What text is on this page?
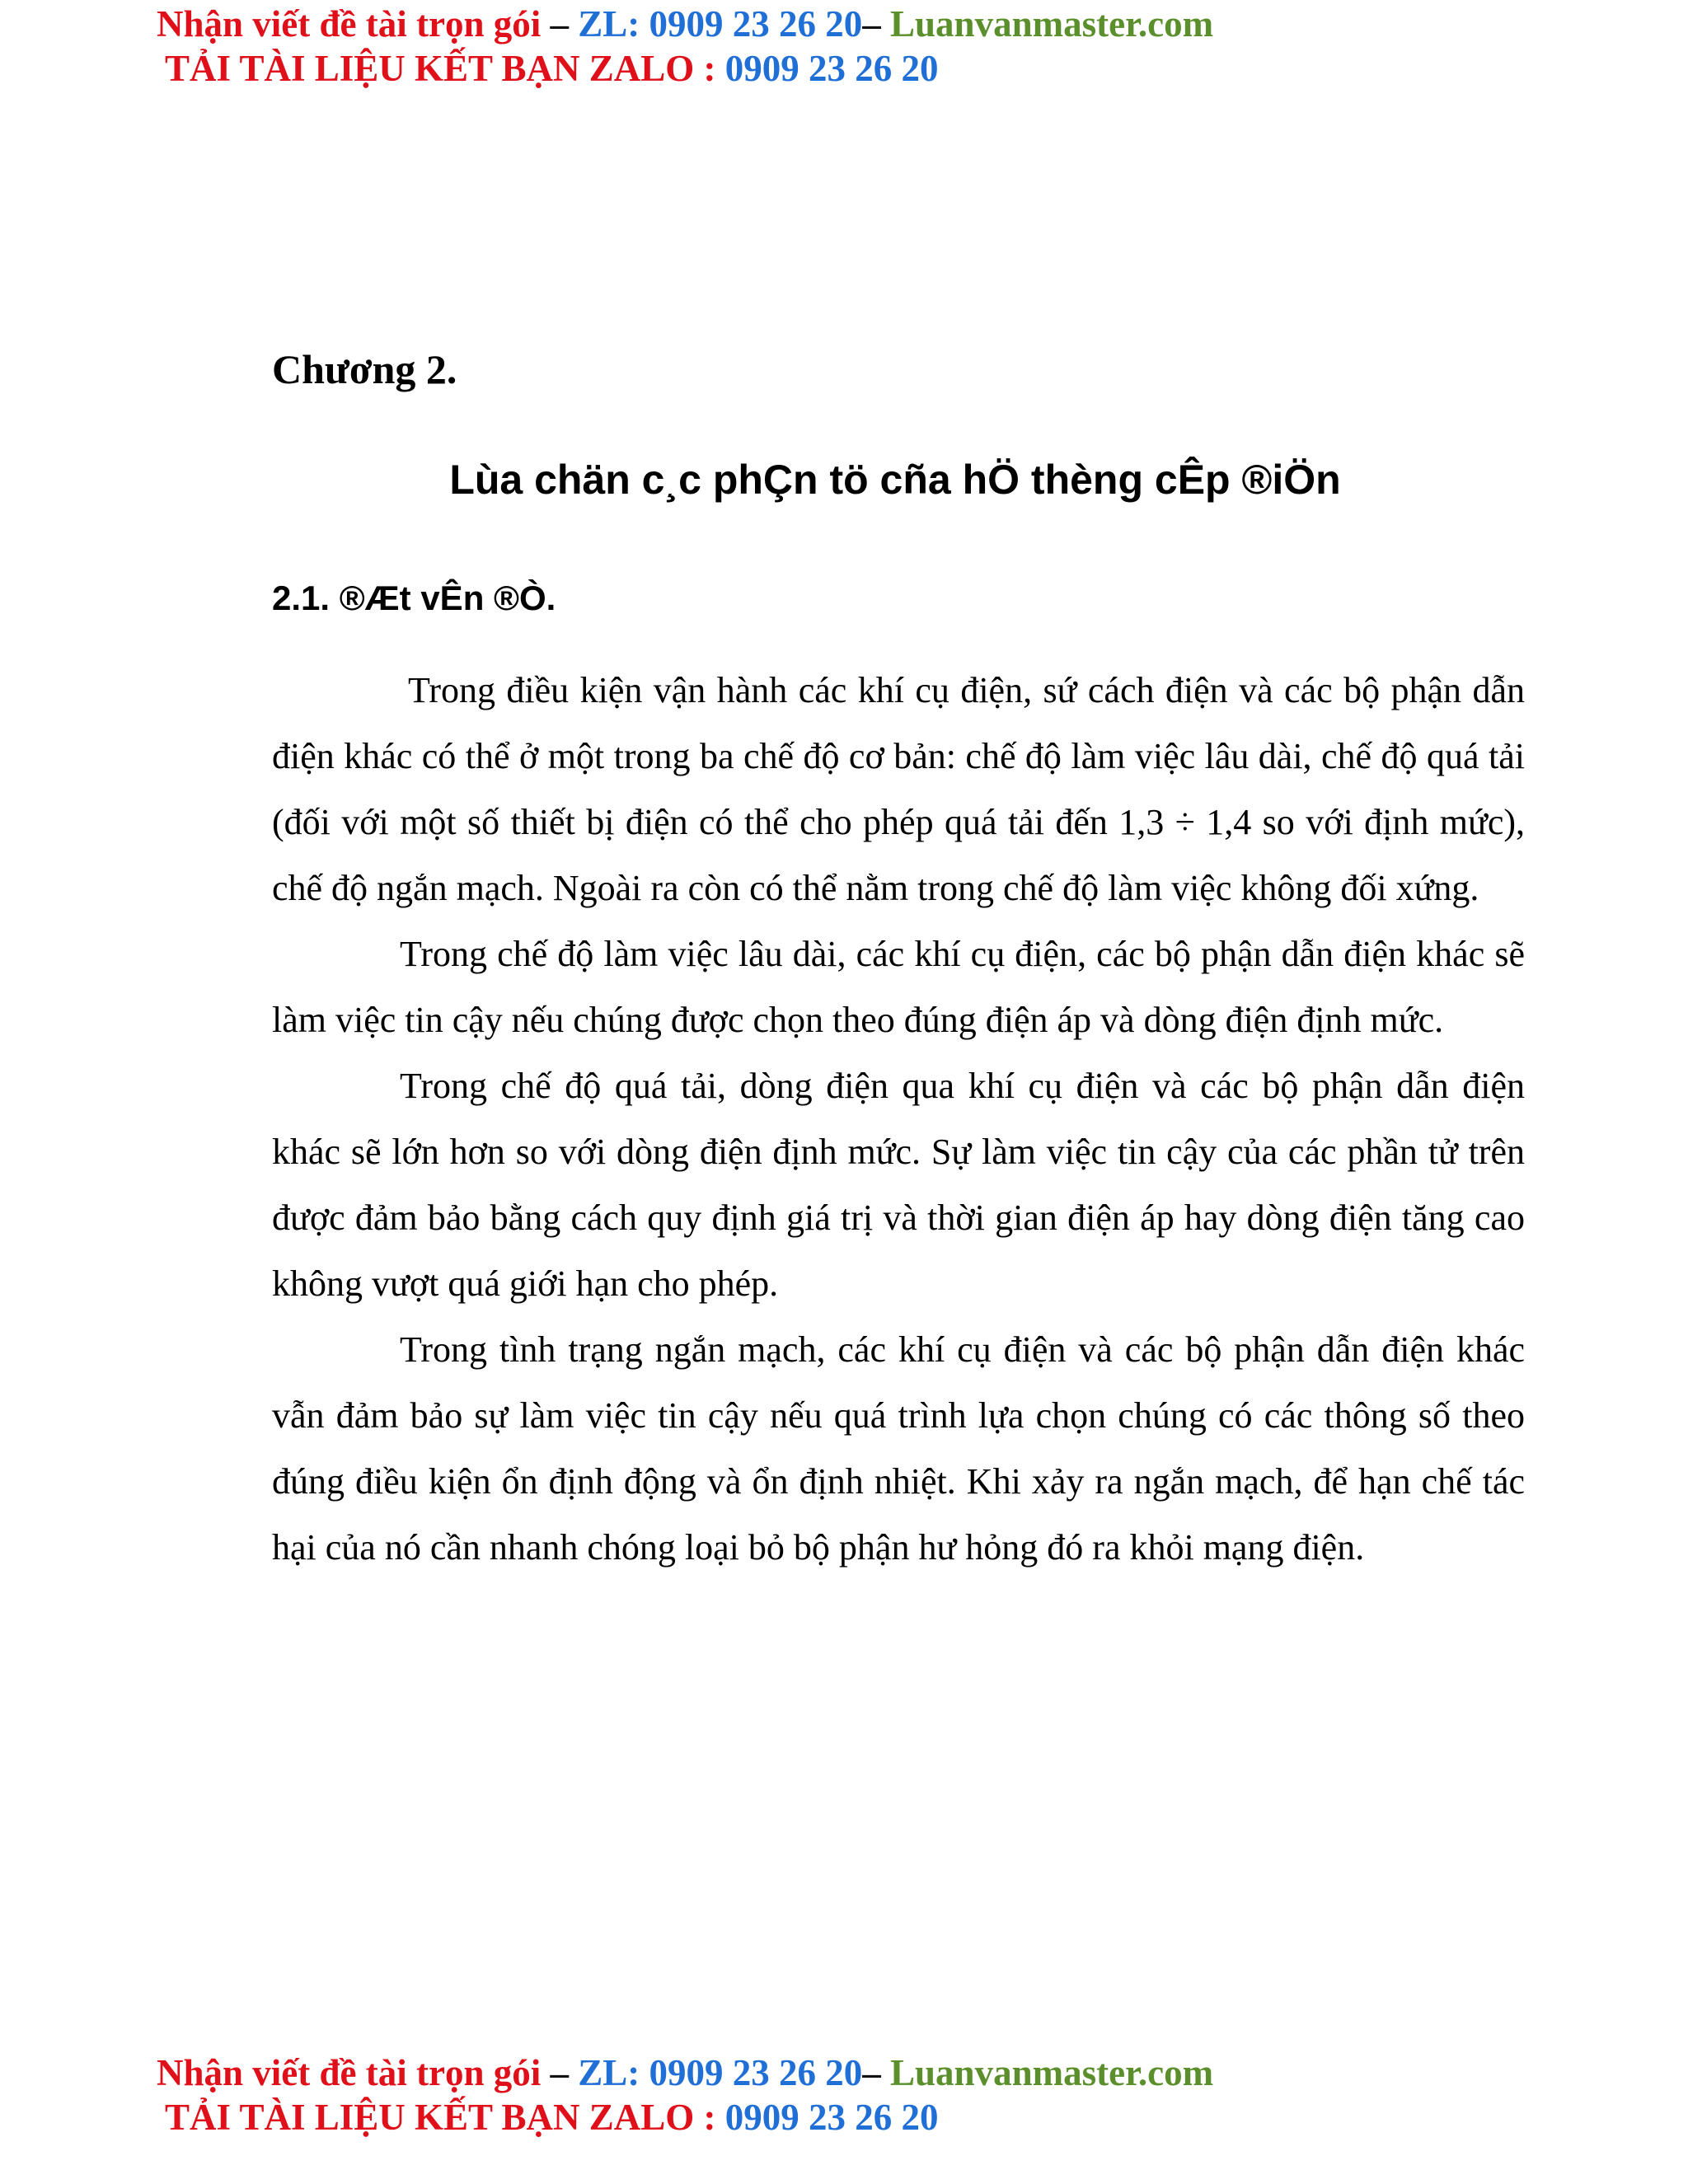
Nhận viết đề tài trọn gói – ZL: 0909 23 26 20– Luanvanmaster.com
TẢI TÀI LIỆU KẾT BẠN ZALO : 0909 23 26 20
Chương 2.
Lùa chän c¸c phÇn tö cña hÖ thèng cÊp ®iÖn
2.1. ®Æt vÊn ®Ò.

Trong điều kiện vận hành các khí cụ điện, sứ cách điện và các bộ phận dẫn điện khác có thể ở một trong ba chế độ cơ bản: chế độ làm việc lâu dài, chế độ quá tải (đối với một số thiết bị điện có thể cho phép quá tải đến 1,3 ÷ 1,4 so với định mức), chế độ ngắn mạch. Ngoài ra còn có thể nằm trong chế độ làm việc không đối xứng.

Trong chế độ làm việc lâu dài, các khí cụ điện, các bộ phận dẫn điện khác sẽ làm việc tin cậy nếu chúng được chọn theo đúng điện áp và dòng điện định mức.

Trong chế độ quá tải, dòng điện qua khí cụ điện và các bộ phận dẫn điện khác sẽ lớn hơn so với dòng điện định mức. Sự làm việc tin cậy của các phần tử trên được đảm bảo bằng cách quy định giá trị và thời gian điện áp hay dòng điện tăng cao không vượt quá giới hạn cho phép.

Trong tình trạng ngắn mạch, các khí cụ điện và các bộ phận dẫn điện khác vẫn đảm bảo sự làm việc tin cậy nếu quá trình lựa chọn chúng có các thông số theo đúng điều kiện ổn định động và ổn định nhiệt. Khi xảy ra ngắn mạch, để hạn chế tác hại của nó cần nhanh chóng loại bỏ bộ phận hư hỏng đó ra khỏi mạng điện.

Nhận viết đề tài trọn gói – ZL: 0909 23 26 20– Luanvanmaster.com
TẢI TÀI LIỆU KẾT BẠN ZALO : 0909 23 26 20
